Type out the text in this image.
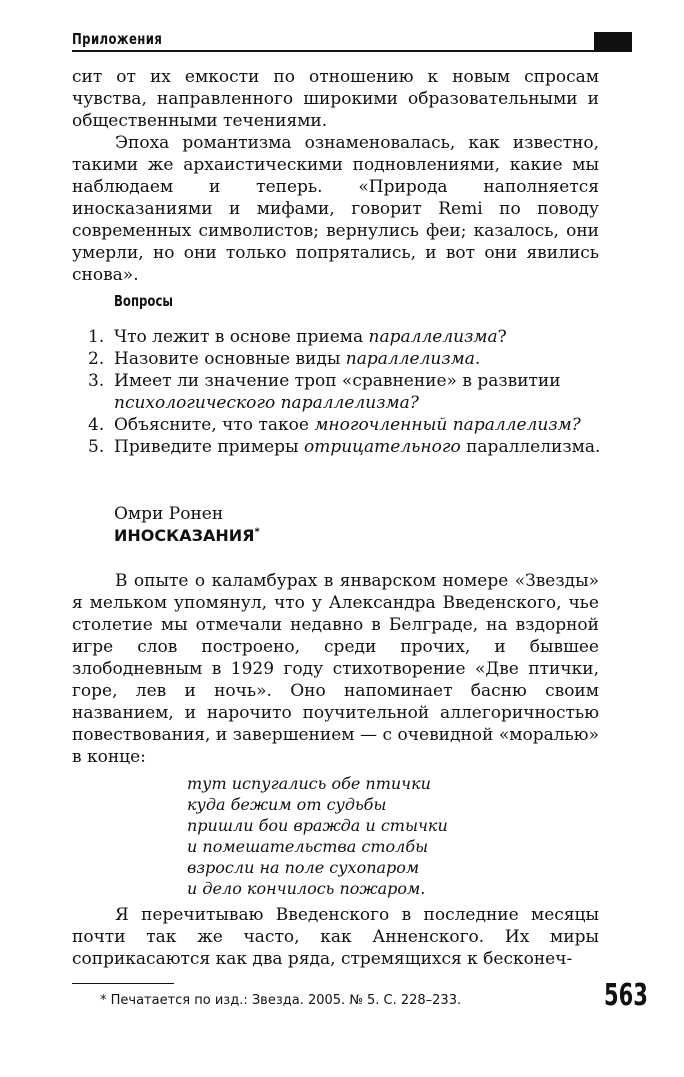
Приложения

сит от их емкости по отношению к новым спросам чувства, направленного широкими образовательными и общественными течениями.

Эпоха романтизма ознаменовалась, как известно, такими же архаистическими подновлениями, какие мы наблюдаем и теперь. «Природа наполняется иносказаниями и мифами, говорит Remi по поводу современных символистов; вернулись феи; казалось, они умерли, но они только попрятались, и вот они явились снова».

Вопросы
1. Что лежит в основе приема параллелизма?
2. Назовите основные виды параллелизма.
3. Имеет ли значение троп «сравнение» в развитии психологического параллелизма?
4. Объясните, что такое многочленный параллелизм?
5. Приведите примеры отрицательного параллелизма.
Омри Ронен
ИНОСКАЗАНИЯ*

В опыте о каламбурах в январском номере «Звезды» я мельком упомянул, что у Александра Введенского, чье столетие мы отмечали недавно в Белграде, на вздорной игре слов построено, среди прочих, и бывшее злободневным в 1929 году стихотворение «Две птички, горе, лев и ночь». Оно напоминает басню своим названием, и нарочито поучительной аллегоричностью повествования, и завершением — с очевидной «моралью» в конце:

тут испугались обе птички
куда бежим от судьбы
пришли бои вражда и стычки
и помешательства столбы
взросли на поле сухопаром
и дело кончилось пожаром.

Я перечитываю Введенского в последние месяцы почти так же часто, как Анненского. Их миры соприкасаются как два ряда, стремящихся к бесконеч-

* Печатается по изд.: Звезда. 2005. № 5. С. 228–233.	563
